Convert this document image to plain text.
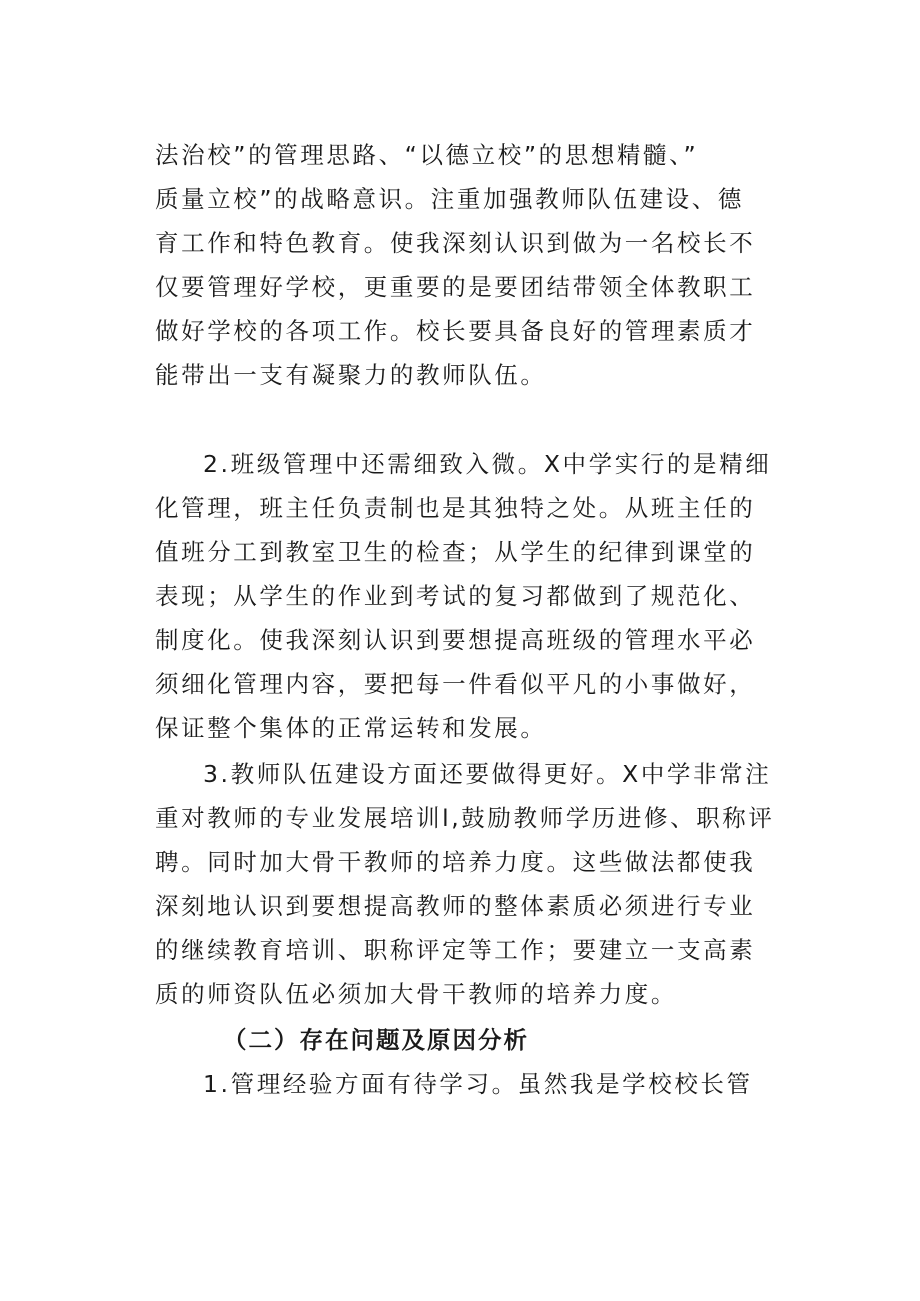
法治校”的管理思路、“以德立校”的思想精髓、”
质量立校”的战略意识。注重加强教师队伍建设、德
育工作和特色教育。使我深刻认识到做为一名校长不
仅要管理好学校，更重要的是要团结带领全体教职工
做好学校的各项工作。校长要具备良好的管理素质才
能带出一支有凝聚力的教师队伍。
2.班级管理中还需细致入微。X中学实行的是精细
化管理，班主任负责制也是其独特之处。从班主任的
值班分工到教室卫生的检查；从学生的纪律到课堂的
表现；从学生的作业到考试的复习都做到了规范化、
制度化。使我深刻认识到要想提高班级的管理水平必
须细化管理内容，要把每一件看似平凡的小事做好，
保证整个集体的正常运转和发展。
3.教师队伍建设方面还要做得更好。X中学非常注
重对教师的专业发展培训l,鼓励教师学历进修、职称评
聘。同时加大骨干教师的培养力度。这些做法都使我
深刻地认识到要想提高教师的整体素质必须进行专业
的继续教育培训、职称评定等工作；要建立一支高素
质的师资队伍必须加大骨干教师的培养力度。
（二）存在问题及原因分析
1.管理经验方面有待学习。虽然我是学校校长管
